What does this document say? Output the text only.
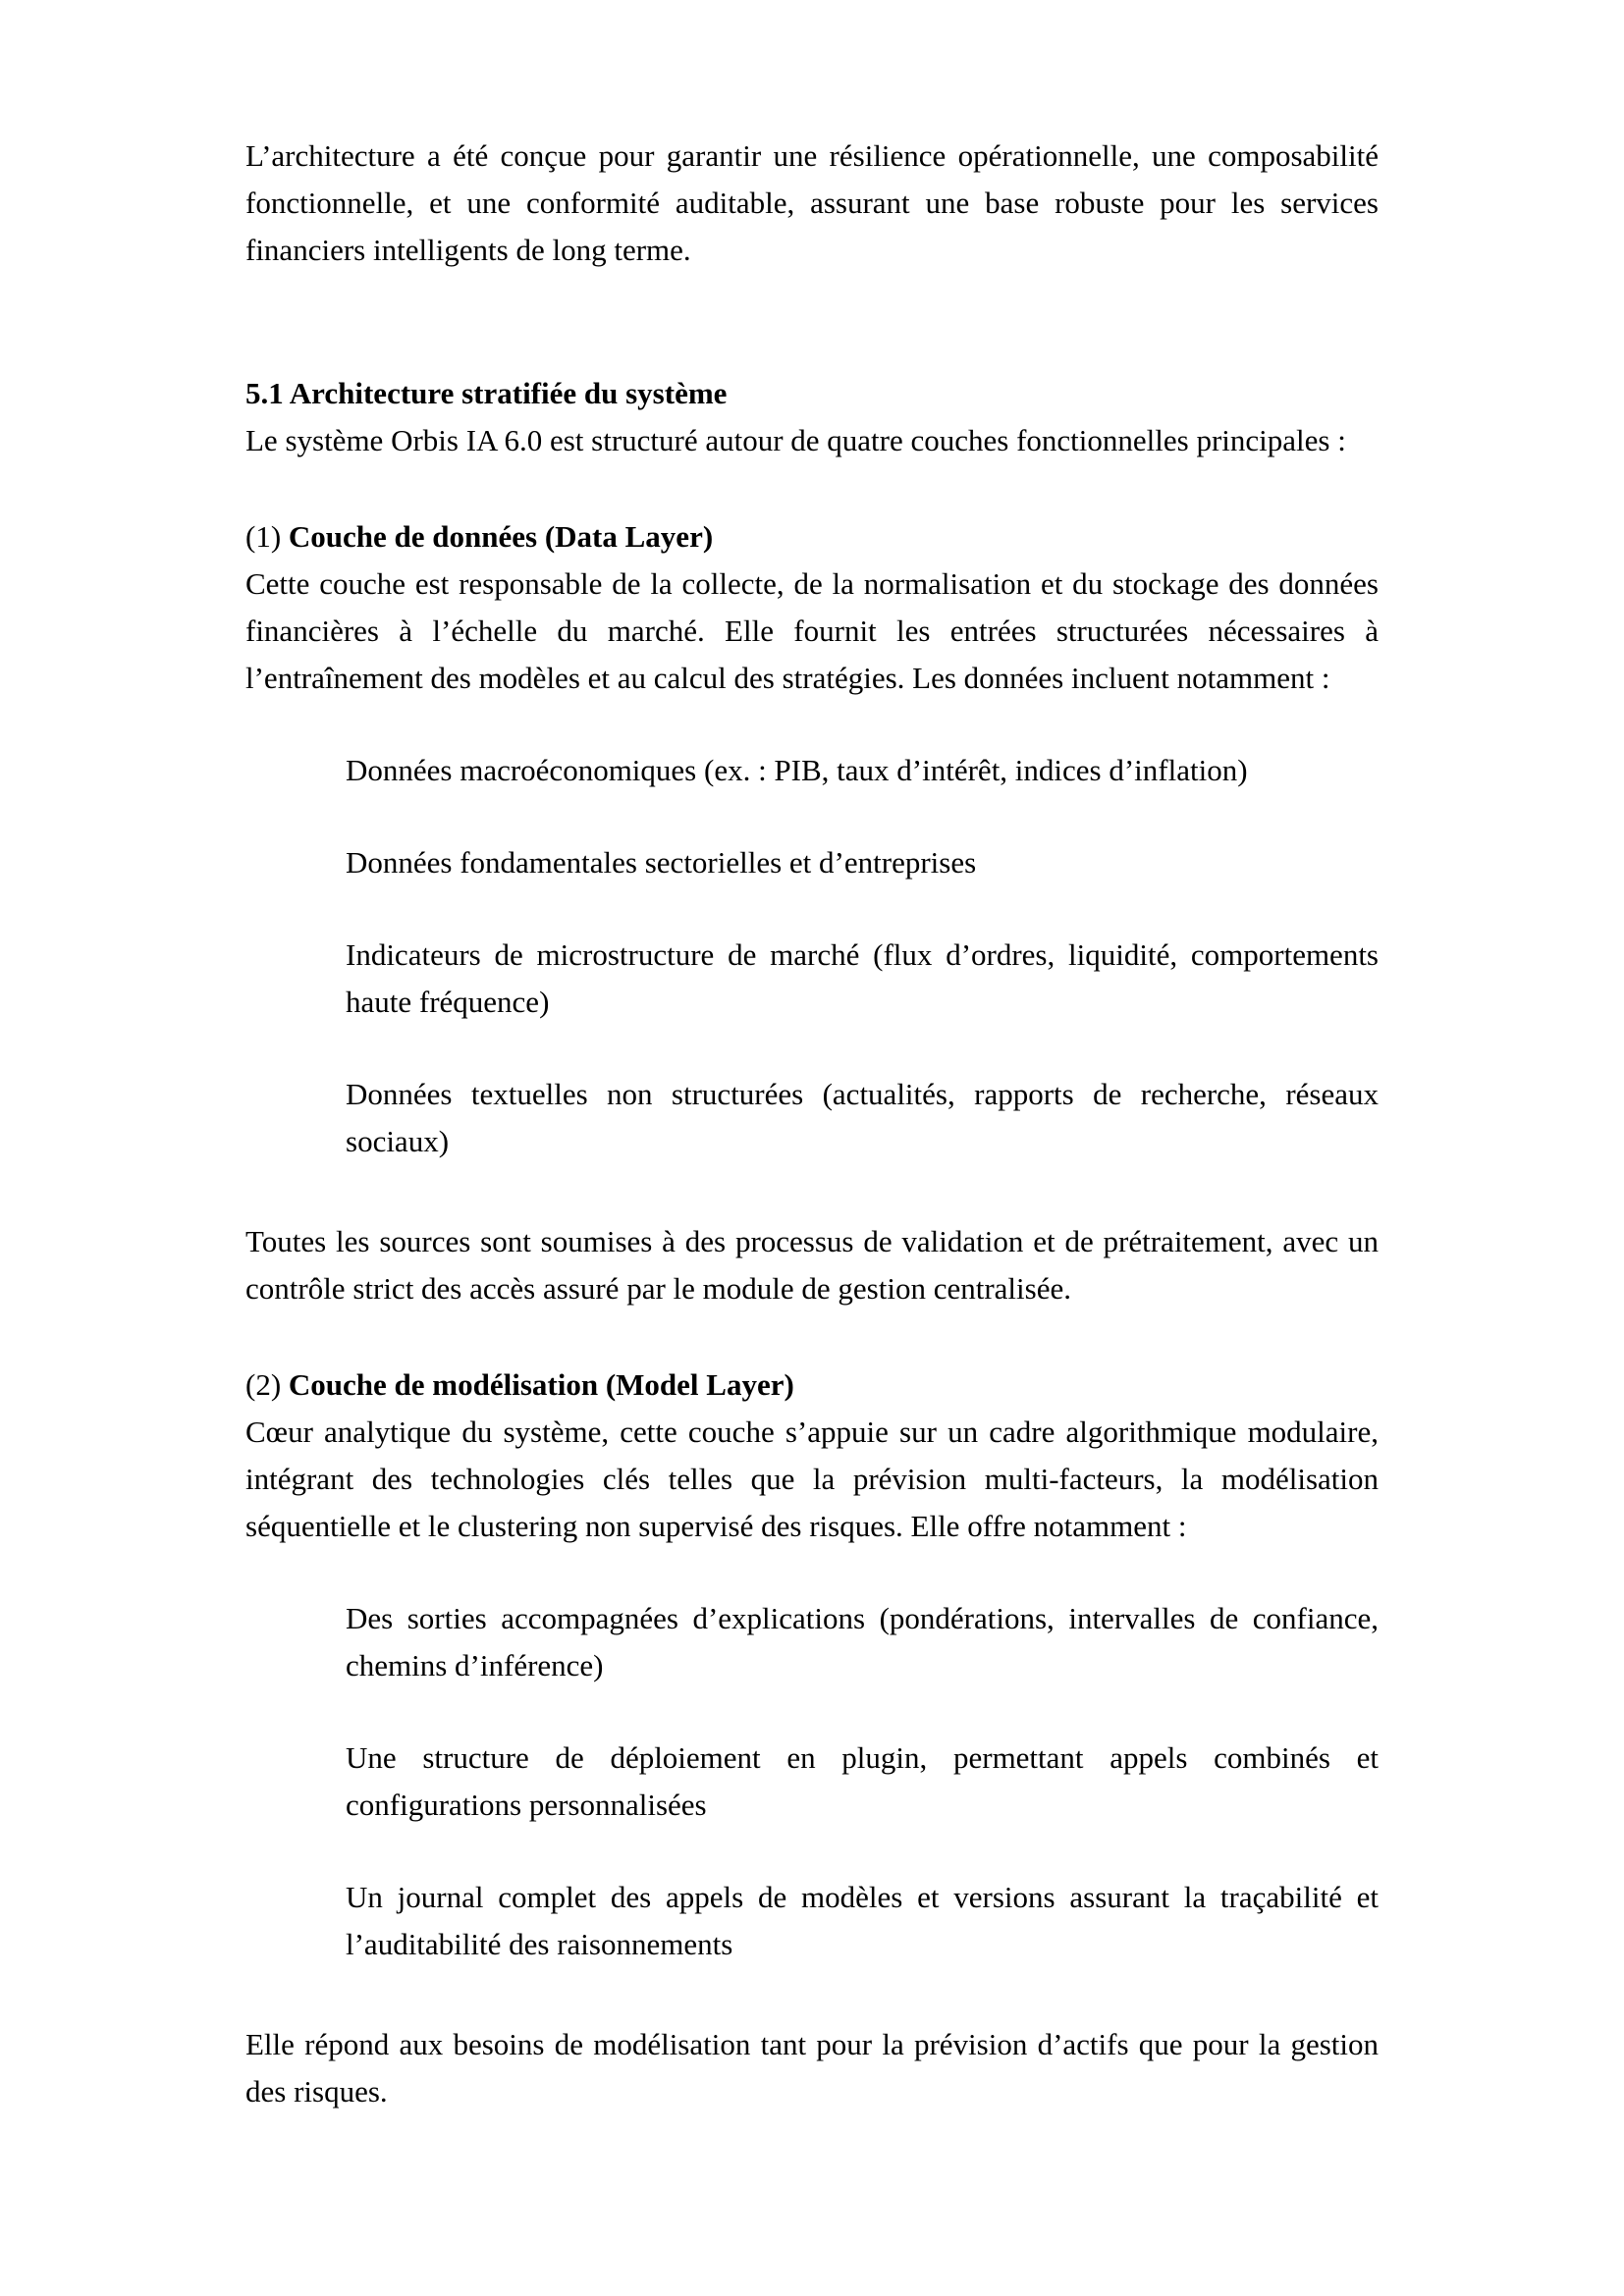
L’architecture a été conçue pour garantir une résilience opérationnelle, une composabilité fonctionnelle, et une conformité auditable, assurant une base robuste pour les services financiers intelligents de long terme.

5.1 Architecture stratifiée du système

Le système Orbis IA 6.0 est structuré autour de quatre couches fonctionnelles principales :

(1) Couche de données (Data Layer)

Cette couche est responsable de la collecte, de la normalisation et du stockage des données financières à l’échelle du marché. Elle fournit les entrées structurées nécessaires à l’entraînement des modèles et au calcul des stratégies. Les données incluent notamment :

Données macroéconomiques (ex. : PIB, taux d’intérêt, indices d’inflation)
Données fondamentales sectorielles et d’entreprises
Indicateurs de microstructure de marché (flux d’ordres, liquidité, comportements haute fréquence)
Données textuelles non structurées (actualités, rapports de recherche, réseaux sociaux)

Toutes les sources sont soumises à des processus de validation et de prétraitement, avec un contrôle strict des accès assuré par le module de gestion centralisée.

(2) Couche de modélisation (Model Layer)

Cœur analytique du système, cette couche s’appuie sur un cadre algorithmique modulaire, intégrant des technologies clés telles que la prévision multi-facteurs, la modélisation séquentielle et le clustering non supervisé des risques. Elle offre notamment :

Des sorties accompagnées d’explications (pondérations, intervalles de confiance, chemins d’inférence)
Une structure de déploiement en plugin, permettant appels combinés et configurations personnalisées
Un journal complet des appels de modèles et versions assurant la traçabilité et l’auditabilité des raisonnements

Elle répond aux besoins de modélisation tant pour la prévision d’actifs que pour la gestion des risques.
